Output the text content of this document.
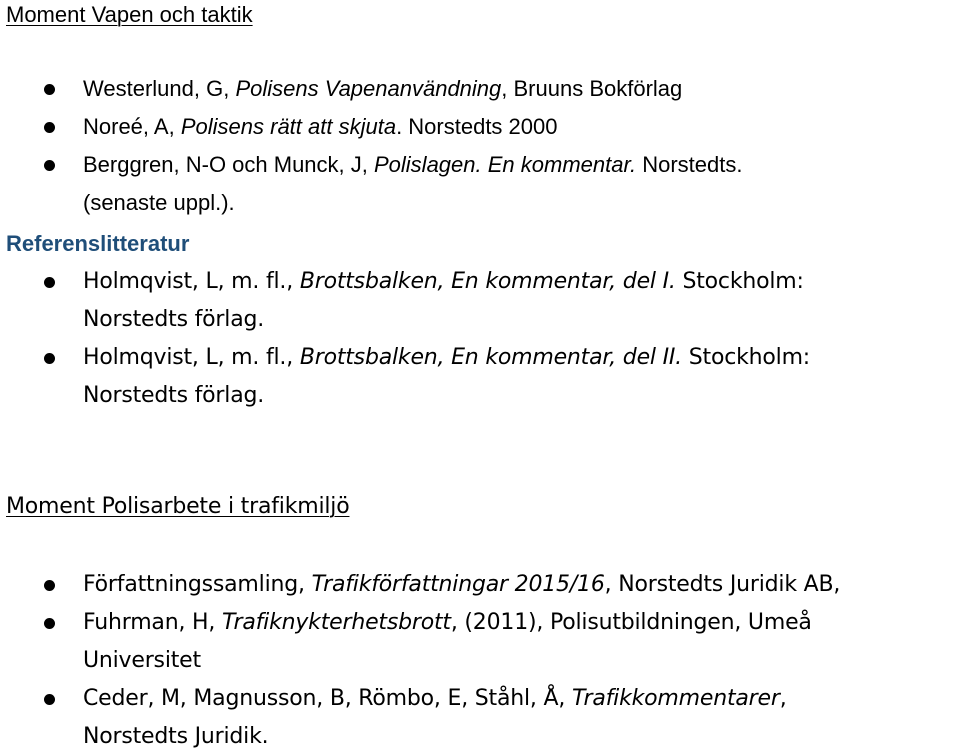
Moment Vapen och taktik
Westerlund, G, Polisens Vapenanvändning, Bruuns Bokförlag
Noreé, A, Polisens rätt att skjuta. Norstedts 2000
Berggren, N-O och Munck, J, Polislagen. En kommentar. Norstedts.
(senaste uppl.).
Referenslitteratur
Holmqvist, L, m. fl., Brottsbalken, En kommentar, del I. Stockholm:
Norstedts förlag.
Holmqvist, L, m. fl., Brottsbalken, En kommentar, del II. Stockholm:
Norstedts förlag.
Moment Polisarbete i trafikmiljö
Författningssamling, Trafikförfattningar 2015/16, Norstedts Juridik AB,
Fuhrman, H, Trafiknykterhetsbrott, (2011), Polisutbildningen, Umeå
Universitet
Ceder, M, Magnusson, B, Römbo, E, Ståhl, Å, Trafikkommentarer,
Norstedts Juridik.
